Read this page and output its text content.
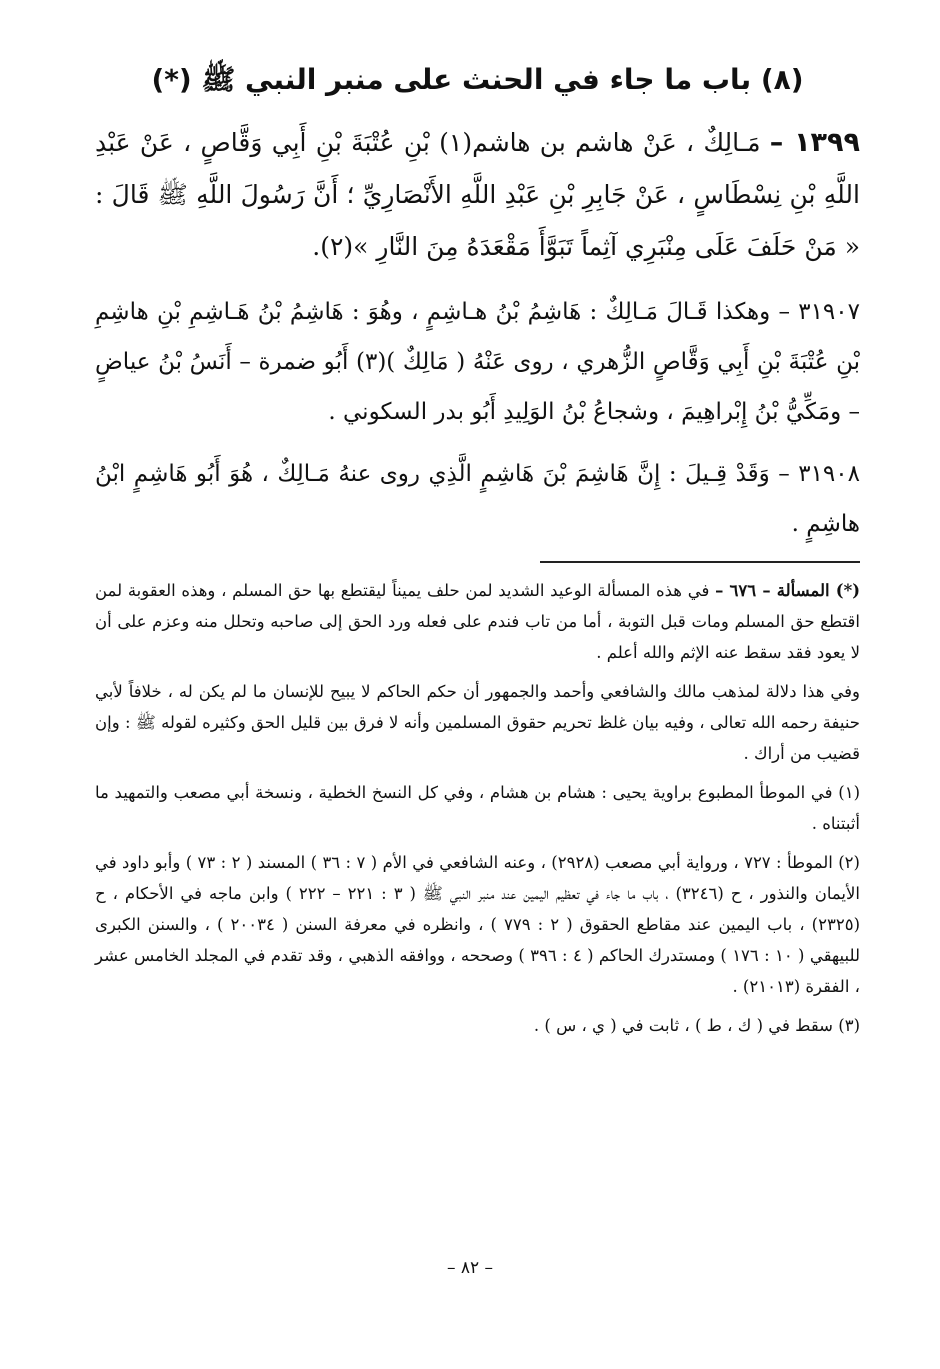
(٨) باب ما جاء في الحنث على منبر النبي ﷺ (*)

١٣٩٩ – مَـالِكٌ ، عَنْ هاشم بن هاشم(١) بْنِ عُتْبَةَ بْنِ أَبِي وَقَّاصٍ ، عَنْ عَبْدِ اللَّهِ بْنِ نِسْطَاسٍ ، عَنْ جَابِرِ بْنِ عَبْدِ اللَّهِ الأَنْصَارِيِّ ؛ أَنَّ رَسُولَ اللَّهِ ﷺ قَالَ : « مَنْ حَلَفَ عَلَى مِنْبَرِي آثِماً تَبَوَّأَ مَقْعَدَهُ مِنَ النَّارِ »(٢).

٣١٩٠٧ – وهكذا قَـالَ مَـالِكٌ : هَاشِمُ بْنُ هـاشِمٍ ، وهُوَ : هَاشِمُ بْنُ هَـاشِمِ بْنِ هاشِمِ بْنِ عُتْبَةَ بْنِ أَبِي وَقَّاصٍ الزُّهري ، روى عَنْهُ ( مَالِكٌ )(٣) أَبُو ضمرة – أَنَسُ بْنُ عياضٍ – ومَكِّيُّ بْنُ إِبْراهِيمَ ، وشجاعُ بْنُ الوَلِيدِ أَبُو بدر السكوني .

٣١٩٠٨ – وَقَدْ قِـيلَ : إِنَّ هَاشِمَ بْنَ هَاشِمٍ الَّذِي روى عنهُ مَـالِكٌ ، هُوَ أَبُو هَاشِمٍ ابْنُ هاشِمٍ .

(*) المسألة – ٦٧٦ – في هذه المسألة الوعيد الشديد لمن حلف يميناً ليقتطع بها حق المسلم ، وهذه العقوبة لمن اقتطع حق المسلم ومات قبل التوبة ، أما من تاب فندم على فعله ورد الحق إلى صاحبه وتحلل منه وعزم على أن لا يعود فقد سقط عنه الإثم والله أعلم .

وفي هذا دلالة لمذهب مالك والشافعي وأحمد والجمهور أن حكم الحاكم لا يبيح للإنسان ما لم يكن له ، خلافاً لأبي حنيفة رحمه الله تعالى ، وفيه بيان غلظ تحريم حقوق المسلمين وأنه لا فرق بين قليل الحق وكثيره لقوله ﷺ : وإن قضيب من أراك .

(١) في الموطأ المطبوع براوية يحيى : هشام بن هشام ، وفي كل النسخ الخطية ، ونسخة أبي مصعب والتمهيد ما أثبتناه .

(٢) الموطأ : ٧٢٧ ، ورواية أبي مصعب (٢٩٢٨) ، وعنه الشافعي في الأم ( ٧ : ٣٦ ) المسند ( ٢ : ٧٣ ) وأبو داود في الأيمان والنذور ، ح (٣٢٤٦) ، باب ما جاء في تعظيم اليمين عند منبر النبي ﷺ ( ٣ : ٢٢١ – ٢٢٢ ) وابن ماجه في الأحكام ، ح (٢٣٢٥) ، باب اليمين عند مقاطع الحقوق ( ٢ : ٧٧٩ ) ، وانظره في معرفة السنن ( ٢٠٠٣٤ ) ، والسنن الكبرى للبيهقي ( ١٠ : ١٧٦ ) ومستدرك الحاكم ( ٤ : ٣٩٦ ) وصححه ، ووافقه الذهبي ، وقد تقدم في المجلد الخامس عشر ، الفقرة (٢١٠١٣) .

(٣) سقط في ( ك ، ط ) ، ثابت في ( ي ، س ) .

– ٨٢ –
